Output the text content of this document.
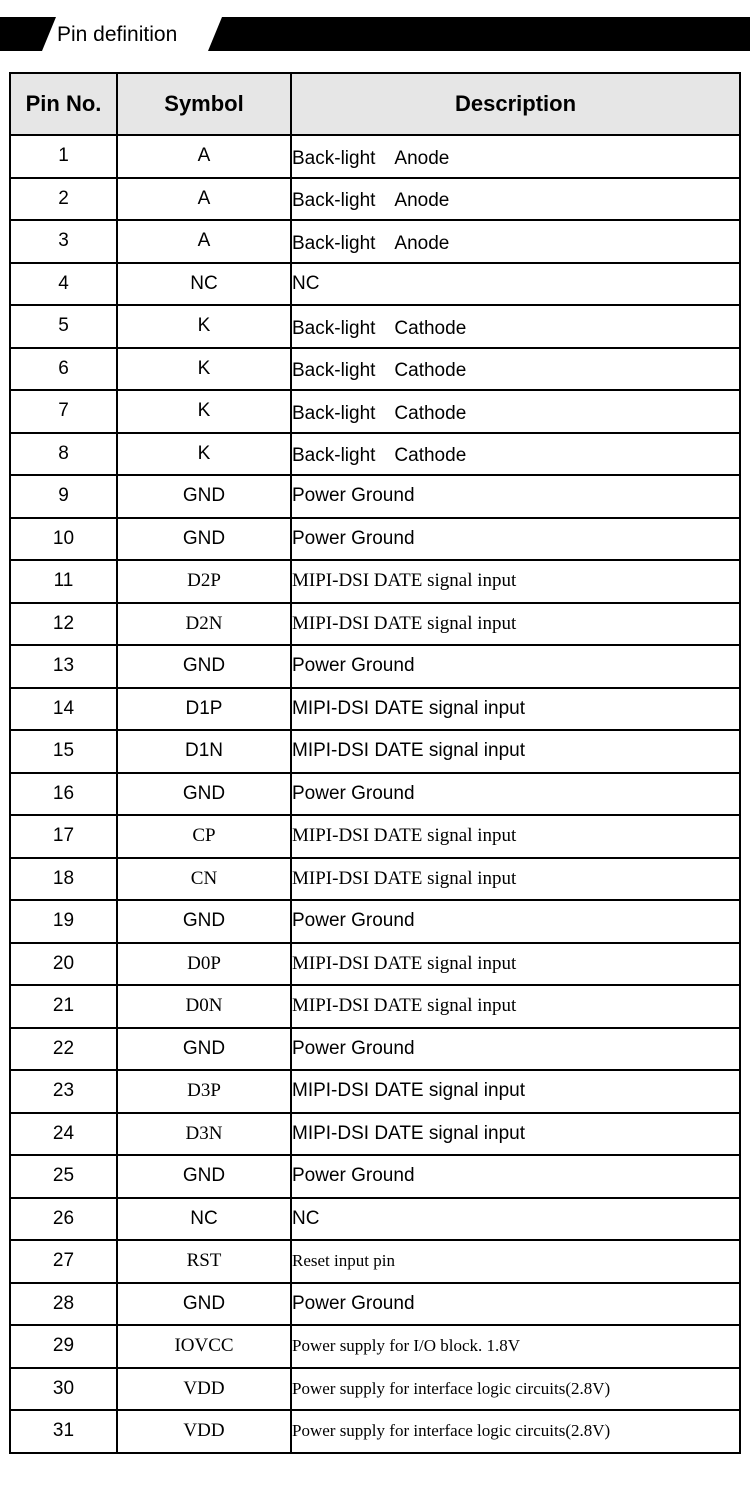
Pin definition
Pin No.	Symbol	Description
1	A	Back-light　Anode
2	A	Back-light　Anode
3	A	Back-light　Anode
4	NC	NC
5	K	Back-light　Cathode
6	K	Back-light　Cathode
7	K	Back-light　Cathode
8	K	Back-light　Cathode
9	GND	Power Ground
10	GND	Power Ground
11	D2P	MIPI-DSI DATE signal input
12	D2N	MIPI-DSI DATE signal input
13	GND	Power Ground
14	D1P	MIPI-DSI DATE signal input
15	D1N	MIPI-DSI DATE signal input
16	GND	Power Ground
17	CP	MIPI-DSI DATE signal input
18	CN	MIPI-DSI DATE signal input
19	GND	Power Ground
20	D0P	MIPI-DSI DATE signal input
21	D0N	MIPI-DSI DATE signal input
22	GND	Power Ground
23	D3P	MIPI-DSI DATE signal input
24	D3N	MIPI-DSI DATE signal input
25	GND	Power Ground
26	NC	NC
27	RST	Reset input pin
28	GND	Power Ground
29	IOVCC	Power supply for I/O block. 1.8V
30	VDD	Power supply for interface logic circuits(2.8V)
31	VDD	Power supply for interface logic circuits(2.8V)
